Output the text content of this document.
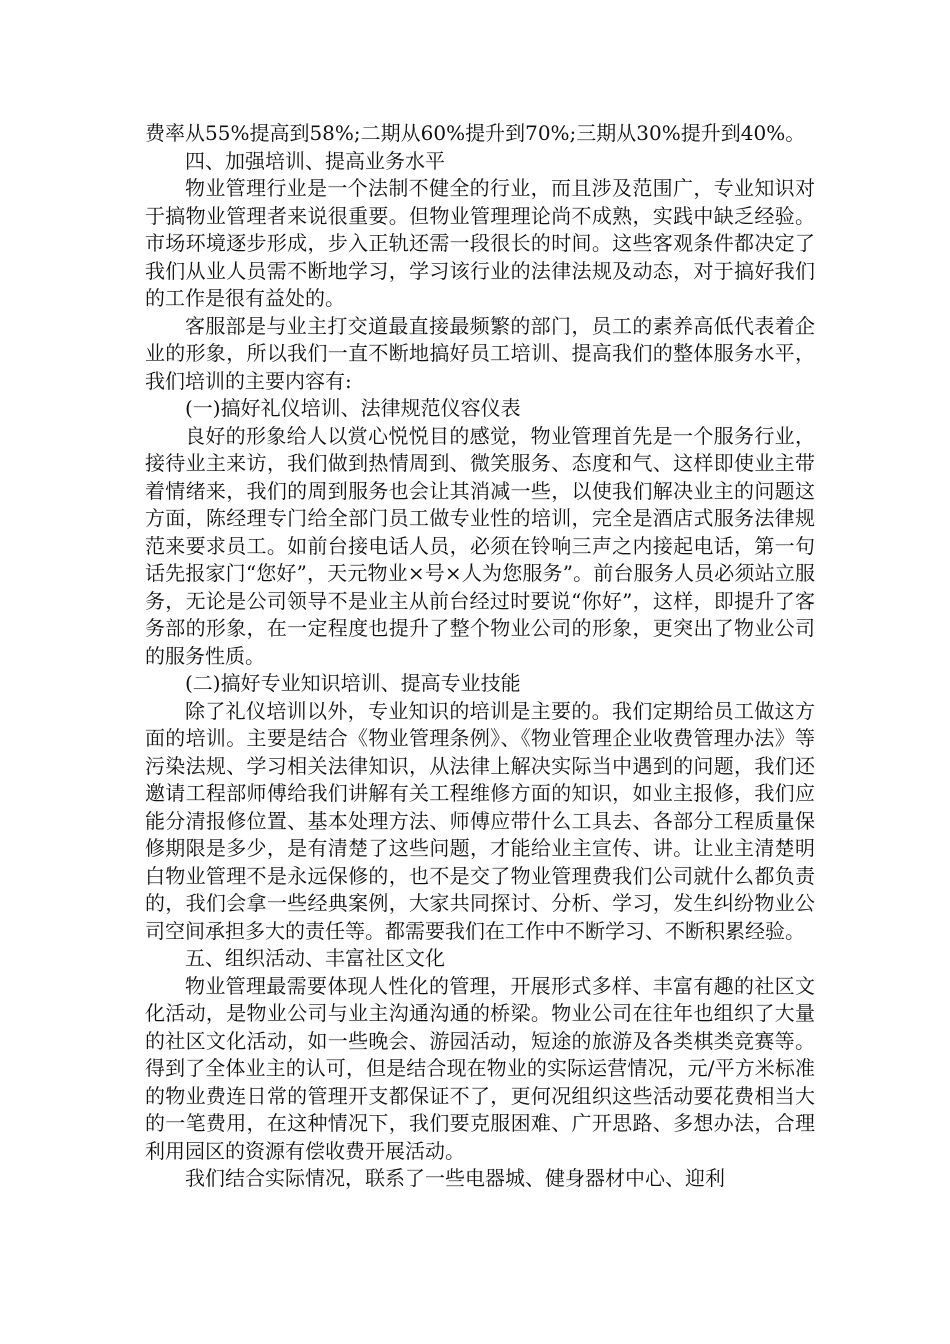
费率从55%提高到58%;二期从60%提升到70%;三期从30%提升到40%。

四、加强培训、提高业务水平

物业管理行业是一个法制不健全的行业，而且涉及范围广，专业知识对于搞物业管理者来说很重要。但物业管理理论尚不成熟，实践中缺乏经验。市场环境逐步形成，步入正轨还需一段很长的时间。这些客观条件都决定了我们从业人员需不断地学习，学习该行业的法律法规及动态，对于搞好我们的工作是很有益处的。

客服部是与业主打交道最直接最频繁的部门，员工的素养高低代表着企业的形象，所以我们一直不断地搞好员工培训、提高我们的整体服务水平，我们培训的主要内容有:

(一)搞好礼仪培训、法律规范仪容仪表

良好的形象给人以赏心悦悦目的感觉，物业管理首先是一个服务行业，接待业主来访，我们做到热情周到、微笑服务、态度和气、这样即使业主带着情绪来，我们的周到服务也会让其消减一些，以使我们解决业主的问题这方面，陈经理专门给全部门员工做专业性的培训，完全是酒店式服务法律规范来要求员工。如前台接电话人员，必须在铃响三声之内接起电话，第一句话先报家门“您好”，天元物业×号×人为您服务”。前台服务人员必须站立服务，无论是公司领导不是业主从前台经过时要说“你好”，这样，即提升了客务部的形象，在一定程度也提升了整个物业公司的形象，更突出了物业公司的服务性质。

(二)搞好专业知识培训、提高专业技能

除了礼仪培训以外，专业知识的培训是主要的。我们定期给员工做这方面的培训。主要是结合《物业管理条例》、《物业管理企业收费管理办法》等污染法规、学习相关法律知识，从法律上解决实际当中遇到的问题，我们还邀请工程部师傅给我们讲解有关工程维修方面的知识，如业主报修，我们应能分清报修位置、基本处理方法、师傅应带什么工具去、各部分工程质量保修期限是多少，是有清楚了这些问题，才能给业主宣传、讲。让业主清楚明白物业管理不是永远保修的，也不是交了物业管理费我们公司就什么都负责的，我们会拿一些经典案例，大家共同探讨、分析、学习，发生纠纷物业公司空间承担多大的责任等。都需要我们在工作中不断学习、不断积累经验。

五、组织活动、丰富社区文化

物业管理最需要体现人性化的管理，开展形式多样、丰富有趣的社区文化活动，是物业公司与业主沟通沟通的桥梁。物业公司在往年也组织了大量的社区文化活动，如一些晚会、游园活动，短途的旅游及各类棋类竞赛等。得到了全体业主的认可，但是结合现在物业的实际运营情况，元/平方米标准的物业费连日常的管理开支都保证不了，更何况组织这些活动要花费相当大的一笔费用，在这种情况下，我们要克服困难、广开思路、多想办法，合理利用园区的资源有偿收费开展活动。

我们结合实际情况，联系了一些电器城、健身器材中心、迎利
